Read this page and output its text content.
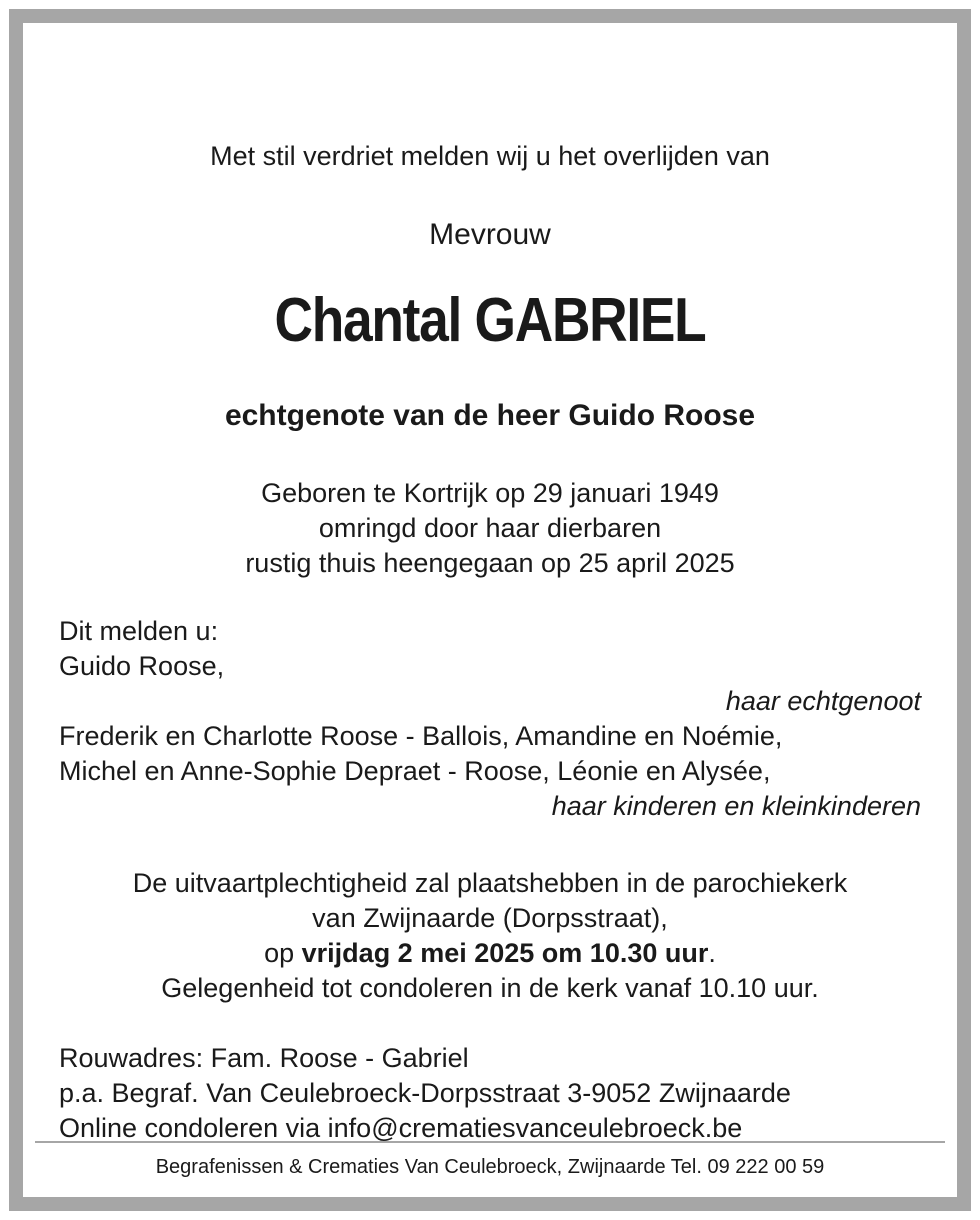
Met stil verdriet melden wij u het overlijden van
Mevrouw
Chantal GABRIEL
echtgenote van de heer Guido Roose
Geboren te Kortrijk op 29 januari 1949
omringd door haar dierbaren
rustig thuis heengegaan op 25 april 2025
Dit melden u:
Guido Roose,
haar echtgenoot
Frederik en Charlotte Roose - Ballois, Amandine en Noémie,
Michel en Anne-Sophie Depraet - Roose, Léonie en Alysée,
haar kinderen en kleinkinderen
De uitvaartplechtigheid zal plaatshebben in de parochiekerk
van Zwijnaarde (Dorpsstraat),
op vrijdag 2 mei 2025 om 10.30 uur.
Gelegenheid tot condoleren in de kerk vanaf 10.10 uur.
Rouwadres: Fam. Roose - Gabriel
p.a. Begraf. Van Ceulebroeck-Dorpsstraat 3-9052 Zwijnaarde
Online condoleren via info@crematiesvanceulebroeck.be
Begrafenissen & Crematies Van Ceulebroeck, Zwijnaarde Tel. 09 222 00 59
